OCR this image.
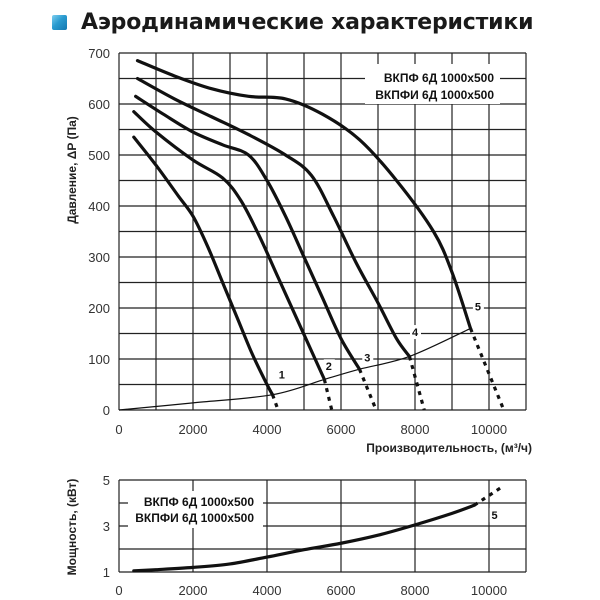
Аэродинамические характеристики
0	2000	4000	6000	8000	10000
0
100
200
300
400
500
600
700
Производительность, (м³/ч)
Давление, ΔP (Па)
ВКПФ 6Д 1000x500
ВКПФИ 6Д 1000x500
1
2
3
4
5
0	2000	4000	6000	8000	10000
1
3
5
Мощность, (кВт)	ВКПФ 6Д 1000x500
ВКПФИ 6Д 1000x500	5
